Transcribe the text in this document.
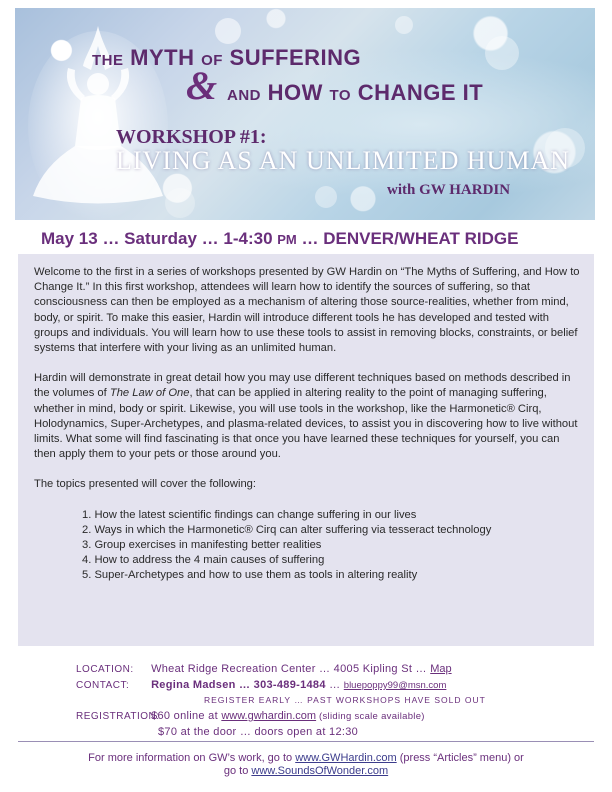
THE MYTH OF SUFFERING
& AND HOW TO CHANGE IT
WORKSHOP #1:
LIVING AS AN UNLIMITED HUMAN
with GW HARDIN
May 13 … Saturday … 1-4:30 PM … DENVER/WHEAT RIDGE

Welcome to the first in a series of workshops presented by GW Hardin on “The Myths of Suffering, and How to Change It.” In this first workshop, attendees will learn how to identify the sources of suffering, so that consciousness can then be employed as a mechanism of altering those source-realities, whether from mind, body, or spirit. To make this easier, Hardin will introduce different tools he has developed and tested with groups and individuals. You will learn how to use these tools to assist in removing blocks, constraints, or belief systems that interfere with your living as an unlimited human.

Hardin will demonstrate in great detail how you may use different techniques based on methods described in the volumes of The Law of One, that can be applied in altering reality to the point of managing suffering, whether in mind, body or spirit. Likewise, you will use tools in the workshop, like the Harmonetic® Cirq, Holodynamics, Super-Archetypes, and plasma-related devices, to assist you in discovering how to live without limits. What some will find fascinating is that once you have learned these techniques for yourself, you can then apply them to your pets or those around you.

The topics presented will cover the following:

1. How the latest scientific findings can change suffering in our lives
2. Ways in which the Harmonetic® Cirq can alter suffering via tesseract technology
3. Group exercises in manifesting better realities
4. How to address the 4 main causes of suffering
5. Super-Archetypes and how to use them as tools in altering reality
LOCATION: Wheat Ridge Recreation Center … 4005 Kipling St … Map
CONTACT: Regina Madsen … 303-489-1484 … bluepoppy99@msn.com
REGISTER EARLY … PAST WORKSHOPS HAVE SOLD OUT
REGISTRATION: $60 online at www.gwhardin.com (sliding scale available)
$70 at the door … doors open at 12:30
For more information on GW’s work, go to www.GWHardin.com (press “Articles” menu) or
go to www.SoundsOfWonder.com
